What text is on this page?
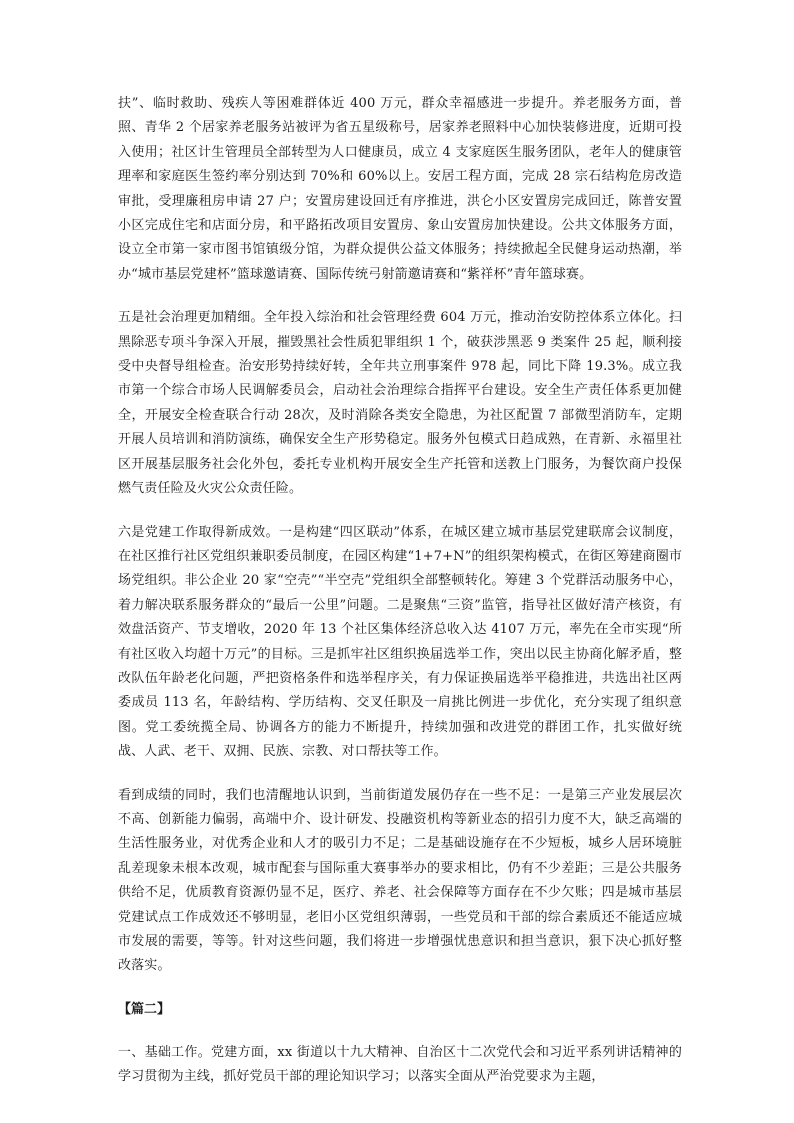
扶”、临时救助、残疾人等困难群体近 400 万元，群众幸福感进一步提升。养老服务方面，普照、青华 2 个居家养老服务站被评为省五星级称号，居家养老照料中心加快装修进度，近期可投入使用；社区计生管理员全部转型为人口健康员，成立 4 支家庭医生服务团队，老年人的健康管理率和家庭医生签约率分别达到 70%和 60%以上。安居工程方面，完成 28 宗石结构危房改造审批，受理廉租房申请 27 户；安置房建设回迁有序推进，洪仑小区安置房完成回迁，陈普安置小区完成住宅和店面分房，和平路拓改项目安置房、象山安置房加快建设。公共文体服务方面，设立全市第一家市图书馆镇级分馆，为群众提供公益文体服务；持续掀起全民健身运动热潮，举办“城市基层党建杯”篮球邀请赛、国际传统弓射箭邀请赛和“紫祥杯”青年篮球赛。

五是社会治理更加精细。全年投入综治和社会管理经费 604 万元，推动治安防控体系立体化。扫黑除恶专项斗争深入开展，摧毁黑社会性质犯罪组织 1 个，破获涉黑恶 9 类案件 25 起，顺利接受中央督导组检查。治安形势持续好转，全年共立刑事案件 978 起，同比下降 19.3%。成立我市第一个综合市场人民调解委员会，启动社会治理综合指挥平台建设。安全生产责任体系更加健全，开展安全检查联合行动 28次，及时消除各类安全隐患，为社区配置 7 部微型消防车，定期开展人员培训和消防演练，确保安全生产形势稳定。服务外包模式日趋成熟，在青新、永福里社区开展基层服务社会化外包，委托专业机构开展安全生产托管和送教上门服务，为餐饮商户投保燃气责任险及火灾公众责任险。

六是党建工作取得新成效。一是构建“四区联动”体系，在城区建立城市基层党建联席会议制度，在社区推行社区党组织兼职委员制度，在园区构建“1+7+N”的组织架构模式，在街区筹建商圈市场党组织。非公企业 20 家“空壳”“半空壳”党组织全部整顿转化。筹建 3 个党群活动服务中心，着力解决联系服务群众的“最后一公里”问题。二是聚焦“三资”监管，指导社区做好清产核资，有效盘活资产、节支增收，2020 年 13 个社区集体经济总收入达 4107 万元，率先在全市实现“所有社区收入均超十万元”的目标。三是抓牢社区组织换届选举工作，突出以民主协商化解矛盾，整改队伍年龄老化问题，严把资格条件和选举程序关，有力保证换届选举平稳推进，共选出社区两委成员 113 名，年龄结构、学历结构、交叉任职及一肩挑比例进一步优化，充分实现了组织意图。党工委统揽全局、协调各方的能力不断提升，持续加强和改进党的群团工作，扎实做好统战、人武、老干、双拥、民族、宗教、对口帮扶等工作。

看到成绩的同时，我们也清醒地认识到，当前街道发展仍存在一些不足：一是第三产业发展层次不高、创新能力偏弱，高端中介、设计研发、投融资机构等新业态的招引力度不大，缺乏高端的生活性服务业，对优秀企业和人才的吸引力不足；二是基础设施存在不少短板，城乡人居环境脏乱差现象未根本改观，城市配套与国际重大赛事举办的要求相比，仍有不少差距；三是公共服务供给不足，优质教育资源仍显不足，医疗、养老、社会保障等方面存在不少欠账；四是城市基层党建试点工作成效还不够明显，老旧小区党组织薄弱，一些党员和干部的综合素质还不能适应城市发展的需要，等等。针对这些问题，我们将进一步增强忧患意识和担当意识，狠下决心抓好整改落实。

【篇二】

一、基础工作。党建方面，xx 街道以十九大精神、自治区十二次党代会和习近平系列讲话精神的学习贯彻为主线，抓好党员干部的理论知识学习；以落实全面从严治党要求为主题，
